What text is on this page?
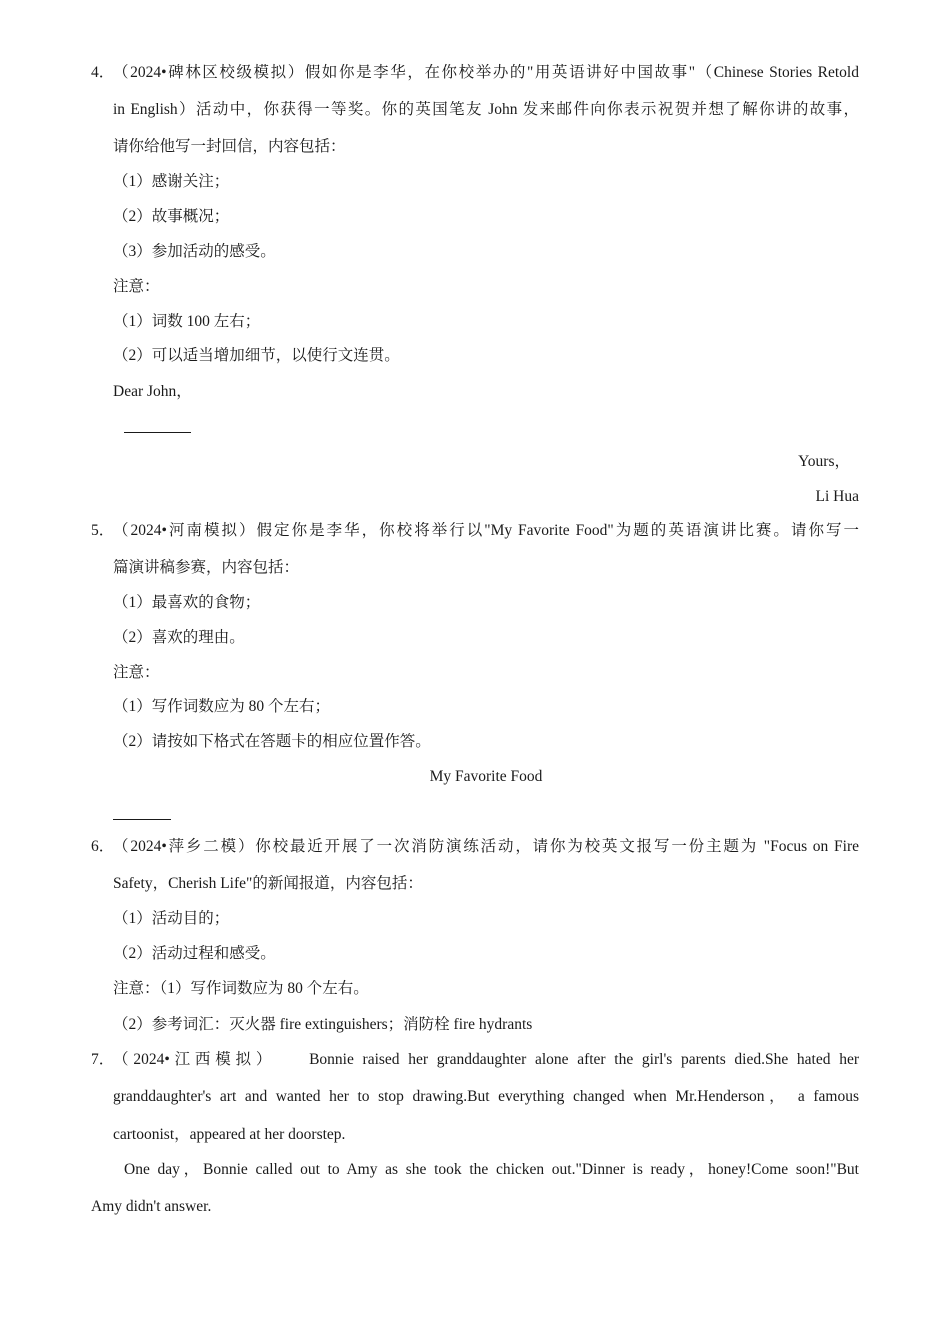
4．
（2024•碑林区校级模拟）假如你是李华，在你校举办的"用英语讲好中国故事"（Chinese Stories Retold
in English）活动中，你获得一等奖。你的英国笔友 John 发来邮件向你表示祝贺并想了解你讲的故事，
请你给他写一封回信，内容包括：
（1）感谢关注；
（2）故事概况；
（3）参加活动的感受。
注意：
（1）词数 100 左右；
（2）可以适当增加细节，以使行文连贯。
Dear John，
Yours，
Li Hua
5．
（2024•河南模拟）假定你是李华，你校将举行以"My Favorite Food"为题的英语演讲比赛。请你写一
篇演讲稿参赛，内容包括：
（1）最喜欢的食物；
（2）喜欢的理由。
注意：
（1）写作词数应为 80 个左右；
（2）请按如下格式在答题卡的相应位置作答。
My Favorite Food
6．
（2024•萍乡二模）你校最近开展了一次消防演练活动，请你为校英文报写一份主题为 "Focus on Fire
Safety，Cherish Life"的新闻报道，内容包括：
（1）活动目的；
（2）活动过程和感受。
注意：（1）写作词数应为 80 个左右。
（2）参考词汇：灭火器 fire extinguishers；消防栓 fire hydrants
7．
（2024•江西模拟）　　Bonnie raised her granddaughter alone after the girl's parents died.She hated her
granddaughter's art and wanted her to stop drawing.But everything changed when Mr.Henderson， a famous
cartoonist，appeared at her doorstep.
One day，Bonnie called out to Amy as she took the chicken out."Dinner is ready，honey!Come soon!"But
Amy didn't answer.
